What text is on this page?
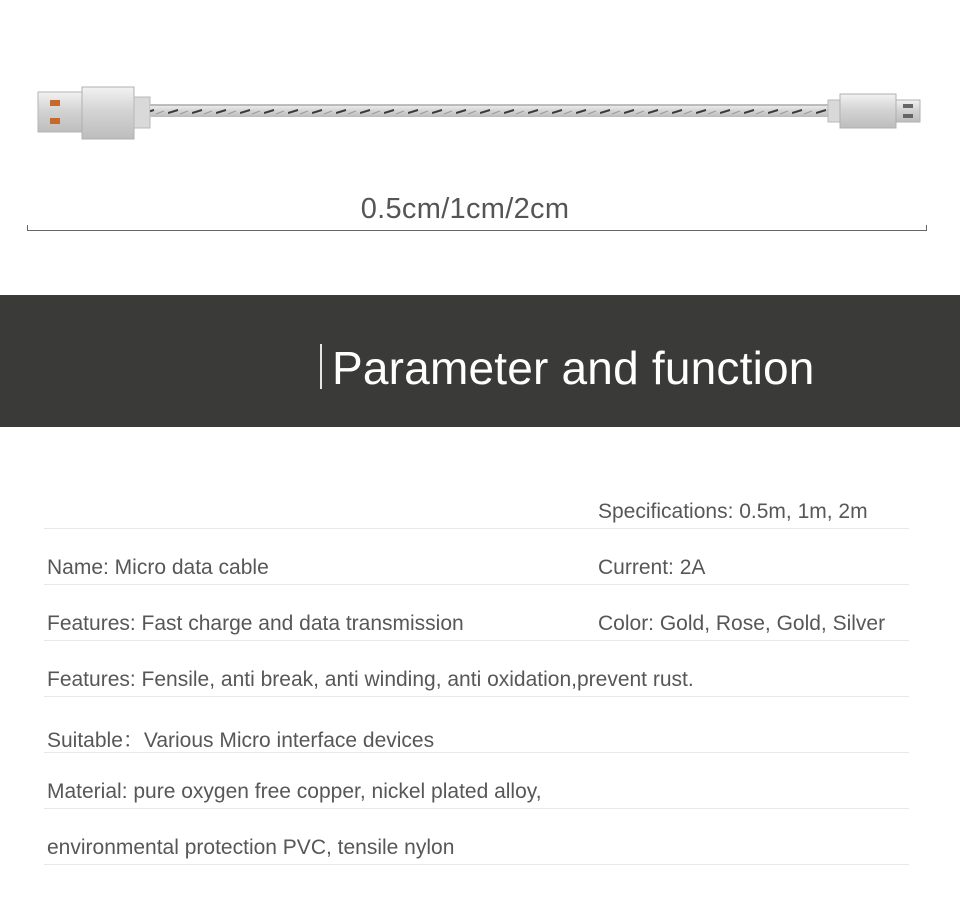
0.5cm/1cm/2cm
Parameter and function
Specifications: 0.5m, 1m, 2m
Name: Micro data cable	Current: 2A
Features: Fast charge and data transmission	Color: Gold, Rose, Gold, Silver
Features: Fensile, anti break, anti winding, anti oxidation,prevent rust.
Suitable：Various Micro interface devices
Material: pure oxygen free copper, nickel plated alloy,
environmental protection PVC, tensile nylon
